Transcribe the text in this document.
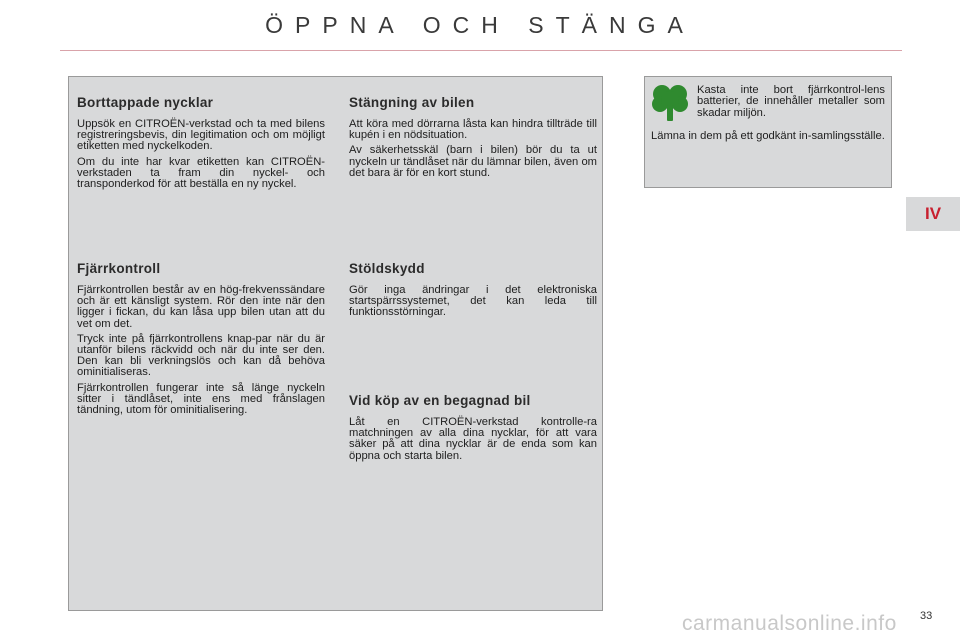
ÖPPNA OCH STÄNGA
Borttappade nycklar

Uppsök en CITROËN-verkstad och ta med bilens registreringsbevis, din legitimation och om möjligt etiketten med nyckelkoden.

Om du inte har kvar etiketten kan CITROËN-verkstaden ta fram din nyckel- och transponderkod för att beställa en ny nyckel.

Fjärrkontroll

Fjärrkontrollen består av en hög-frekvenssändare och är ett känsligt system. Rör den inte när den ligger i fickan, du kan låsa upp bilen utan att du vet om det.

Tryck inte på fjärrkontrollens knap-par när du är utanför bilens räckvidd och när du inte ser den. Den kan bli verkningslös och kan då behöva ominitialiseras.

Fjärrkontrollen fungerar inte så länge nyckeln sitter i tändlåset, inte ens med frånslagen tändning, utom för ominitialisering.

Stängning av bilen

Att köra med dörrarna låsta kan hindra tillträde till kupén i en nödsituation.

Av säkerhetsskäl (barn i bilen) bör du ta ut nyckeln ur tändlåset när du lämnar bilen, även om det bara är för en kort stund.

Stöldskydd

Gör inga ändringar i det elektroniska startspärrssystemet, det kan leda till funktionsstörningar.

Vid köp av en begagnad bil

Låt en CITROËN-verkstad kontrolle-ra matchningen av alla dina nycklar, för att vara säker på att dina nycklar är de enda som kan öppna och starta bilen.

Kasta inte bort fjärrkontrol-lens batterier, de innehåller metaller som skadar miljön.

Lämna in dem på ett godkänt in-samlingsställe.

IV
33
carmanualsonline.info
